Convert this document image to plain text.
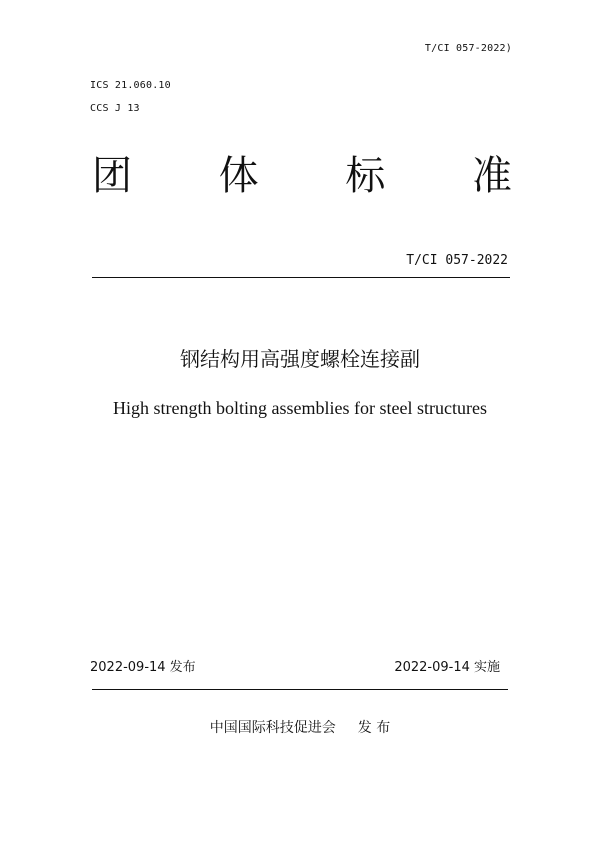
T/CI 057-2022)
ICS 21.060.10
CCS J 13
团 体 标 准
T/CI 057-2022
钢结构用高强度螺栓连接副
High strength bolting assemblies for steel structures
2022-09-14 发布	2022-09-14 实施
中国国际科技促进会 发 布
